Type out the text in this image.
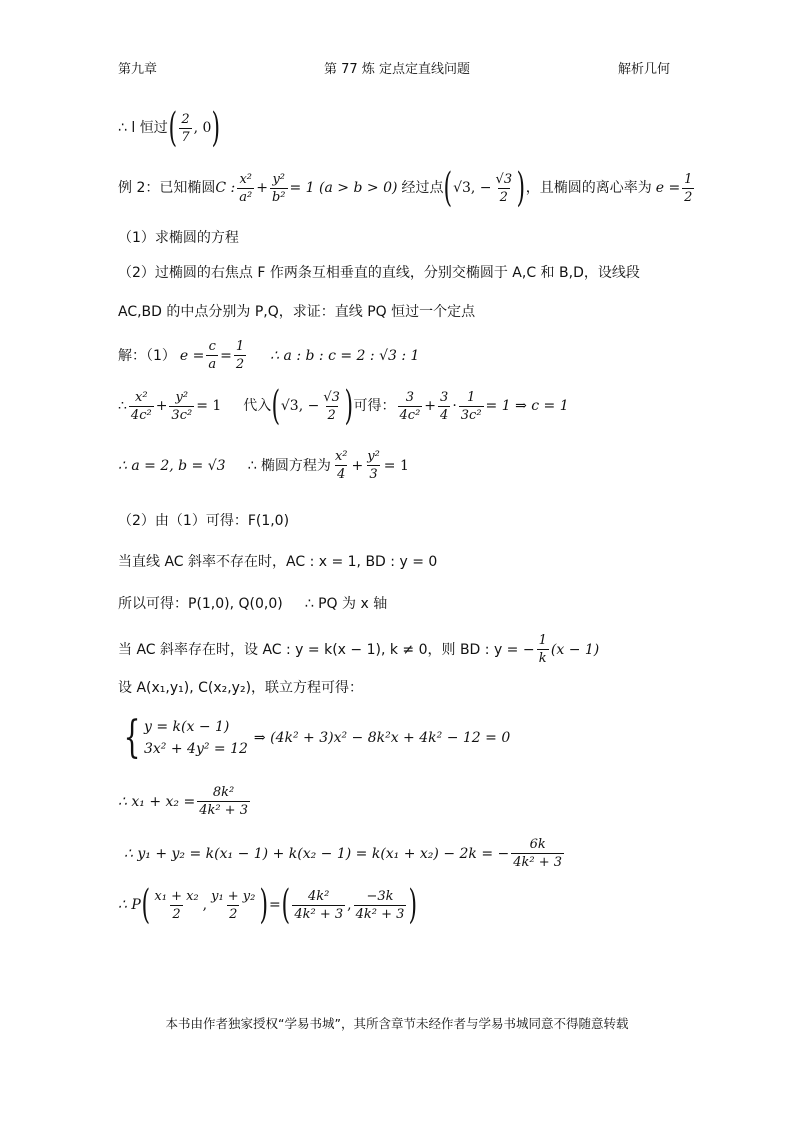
第九章	第 77 炼 定点定直线问题	解析几何
∴ l 恒过 ( $\frac{2}{7}$ , 0 )
例 2：已知椭圆 C : $\frac{\text{x²}}{\text{a²}} + \frac{\text{y²}}{\text{b²}} = 1$ (a > b > 0) 经过点 ( √3, − $\frac{√3}{2}$ ) ，且椭圆的离心率为 $e = \frac{1}{2}$
（1）求椭圆的方程
（2）过椭圆的右焦点 F 作两条互相垂直的直线，分别交椭圆于 A,C 和 B,D，设线段
AC,BD 的中点分别为 P,Q，求证：直线 PQ 恒过一个定点
解：（1） $e = \frac{c}{a} = \frac{1}{2}$ ∴ a : b : c = 2 : √3 : 1
∴ $\frac{\text{x²}}{\text{4c²}} + \frac{\text{y²}}{\text{3c²}} = 1$ 代入 ( √3, − $\frac{√3}{2}$ ) 可得： $\frac{3}{\text{4c²}} + \frac{3}{4} \cdot \frac{1}{\text{3c²}} = 1$ ⇒ c = 1
∴ a = 2, b = √3 ∴ 椭圆方程为 $\frac{\text{x²}}{4} + \frac{\text{y²}}{3} = 1$
（2）由（1）可得：F(1,0)
当直线 AC 斜率不存在时，AC : x = 1, BD : y = 0
所以可得：P(1,0), Q(0,0) ∴ PQ 为 x 轴
当 AC 斜率存在时，设 AC : y = k(x − 1), k ≠ 0，则 BD : y = − $\frac{1}{k} (x - 1)$
设 A(x₁,y₁), C(x₂,y₂)，联立方程可得：
{ y = k(x − 1)
3x² + 4y² = 12
⇒ (4k² + 3)x² − 8k²x + 4k² − 12 = 0
∴ $x_1 + x_2 = \frac{\text{8k²}}{\text{4k² + 3}}$
∴ y₁ + y₂ = k(x₁ − 1) + k(x₂ − 1) = k(x₁ + x₂) − 2k = − $\frac{6k}{\text{4k² + 3}}$
∴ P ( $\frac{\text{x₁ + x₂}}{2}$ , $\frac{\text{y₁ + y₂}}{2}$ ) = ( $\frac{\text{4k²}}{\text{4k² + 3}}$ , $\frac{-3k}{\text{4k² + 3}}$ )
本书由作者独家授权“学易书城”，其所含章节未经作者与学易书城同意不得随意转载
